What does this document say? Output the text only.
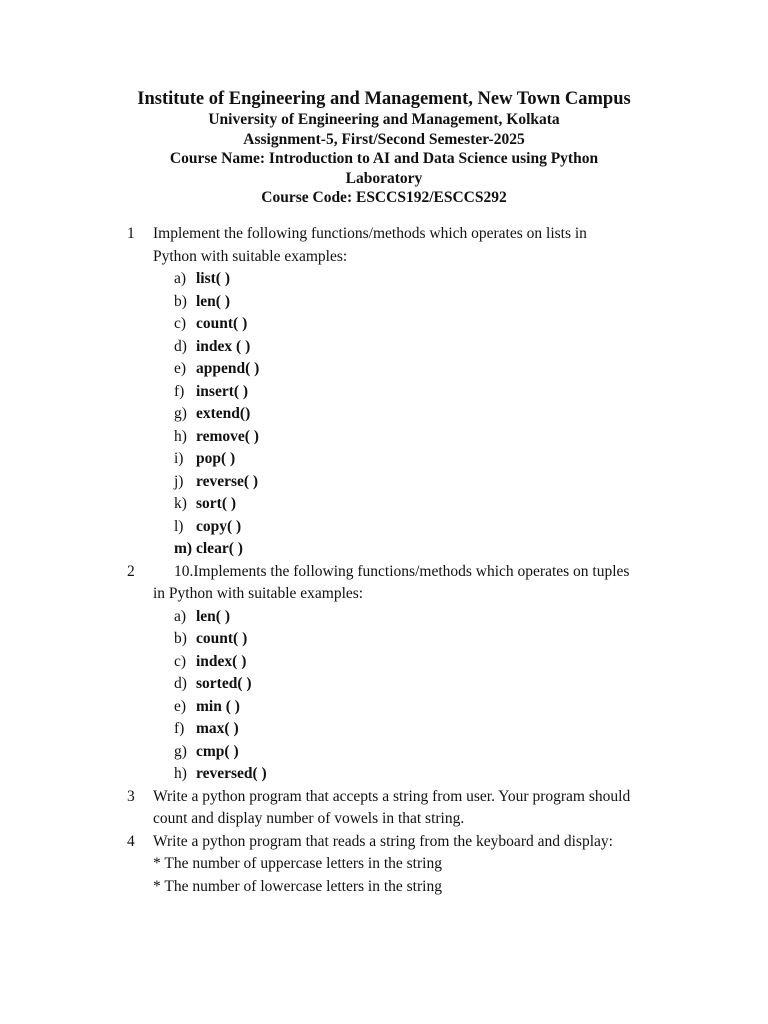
Institute of Engineering and Management, New Town Campus
University of Engineering and Management, Kolkata
Assignment-5, First/Second Semester-2025
Course Name: Introduction to AI and Data Science using Python
Laboratory
Course Code: ESCCS192/ESCCS292
1 Implement the following functions/methods which operates on lists in Python with suitable examples:
a) list( )
b) len( )
c) count( )
d) index ( )
e) append( )
f) insert( )
g) extend()
h) remove( )
i) pop( )
j) reverse( )
k) sort( )
l) copy( )
m) clear( )
2	10.Implements the following functions/methods which operates on tuples in Python with suitable examples:
a) len( )
b) count( )
c) index( )
d) sorted( )
e) min ( )
f) max( )
g) cmp( )
h) reversed( )
3 Write a python program that accepts a string from user. Your program should count and display number of vowels in that string.
4 Write a python program that reads a string from the keyboard and display:
* The number of uppercase letters in the string
* The number of lowercase letters in the string
